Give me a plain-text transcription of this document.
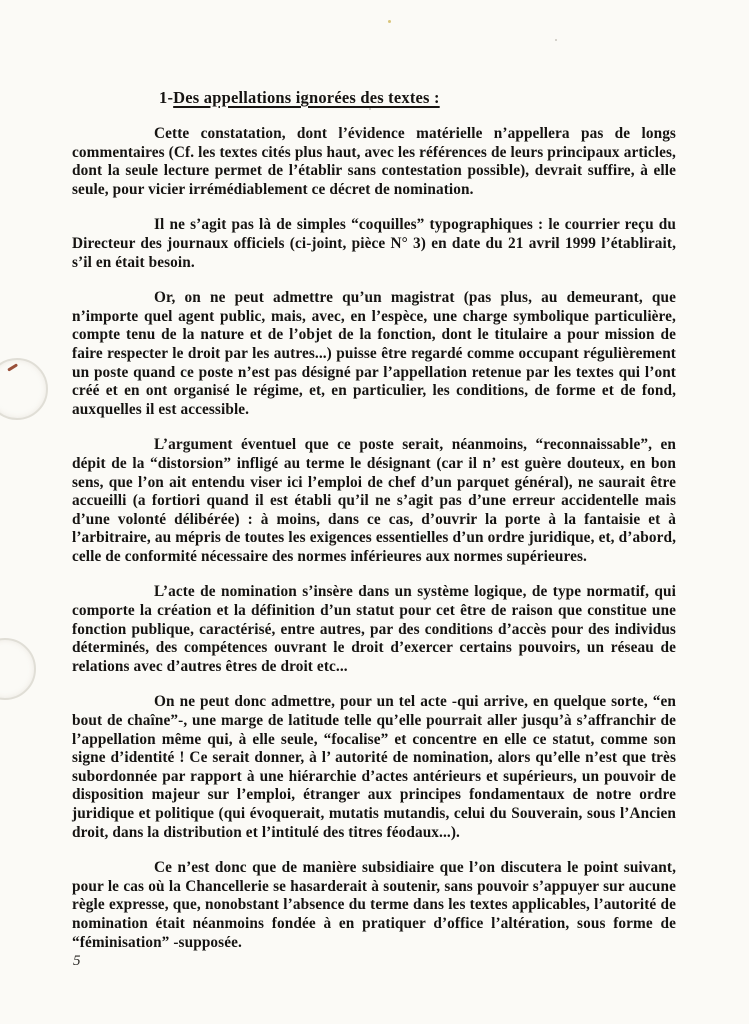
1-Des appellations ignorées des textes :

Cette constatation, dont l’évidence matérielle n’appellera pas de longs commentaires (Cf. les textes cités plus haut, avec les références de leurs principaux articles, dont la seule lecture permet de l’établir sans contestation possible), devrait suffire, à elle seule, pour vicier irrémédiablement ce décret de nomination.

Il ne s’agit pas là de simples “coquilles” typographiques : le courrier reçu du Directeur des journaux officiels (ci-joint, pièce N° 3) en date du 21 avril 1999 l’établirait, s’il en était besoin.

Or, on ne peut admettre qu’un magistrat (pas plus, au demeurant, que n’importe quel agent public, mais, avec, en l’espèce, une charge symbolique particulière, compte tenu de la nature et de l’objet de la fonction, dont le titulaire a pour mission de faire respecter le droit par les autres...) puisse être regardé comme occupant régulièrement un poste quand ce poste n’est pas désigné par l’appellation retenue par les textes qui l’ont créé et en ont organisé le régime, et, en particulier, les conditions, de forme et de fond, auxquelles il est accessible.

L’argument éventuel que ce poste serait, néanmoins, “reconnaissable”, en dépit de la “distorsion” infligé au terme le désignant (car il n’ est guère douteux, en bon sens, que l’on ait entendu viser ici l’emploi de chef d’un parquet général), ne saurait être accueilli (a fortiori quand il est établi qu’il ne s’agit pas d’une erreur accidentelle mais d’une volonté délibérée) : à moins, dans ce cas, d’ouvrir la porte à la fantaisie et à l’arbitraire, au mépris de toutes les exigences essentielles d’un ordre juridique, et, d’abord, celle de conformité nécessaire des normes inférieures aux normes supérieures.

L’acte de nomination s’insère dans un système logique, de type normatif, qui comporte la création et la définition d’un statut pour cet être de raison que constitue une fonction publique, caractérisé, entre autres, par des conditions d’accès pour des individus déterminés, des compétences ouvrant le droit d’exercer certains pouvoirs, un réseau de relations avec d’autres êtres de droit etc...

On ne peut donc admettre, pour un tel acte -qui arrive, en quelque sorte, “en bout de chaîne”-, une marge de latitude telle qu’elle pourrait aller jusqu’à s’affranchir de l’appellation même qui, à elle seule, “focalise” et concentre en elle ce statut, comme son signe d’identité ! Ce serait donner, à l’ autorité de nomination, alors qu’elle n’est que très subordonnée par rapport à une hiérarchie d’actes antérieurs et supérieurs, un pouvoir de disposition majeur sur l’emploi, étranger aux principes fondamentaux de notre ordre juridique et politique (qui évoquerait, mutatis mutandis, celui du Souverain, sous l’Ancien droit, dans la distribution et l’intitulé des titres féodaux...).

Ce n’est donc que de manière subsidiaire que l’on discutera le point suivant, pour le cas où la Chancellerie se hasarderait à soutenir, sans pouvoir s’appuyer sur aucune règle expresse, que, nonobstant l’absence du terme dans les textes applicables, l’autorité de nomination était néanmoins fondée à en pratiquer d’office l’altération, sous forme de “féminisation” -supposée.

5
